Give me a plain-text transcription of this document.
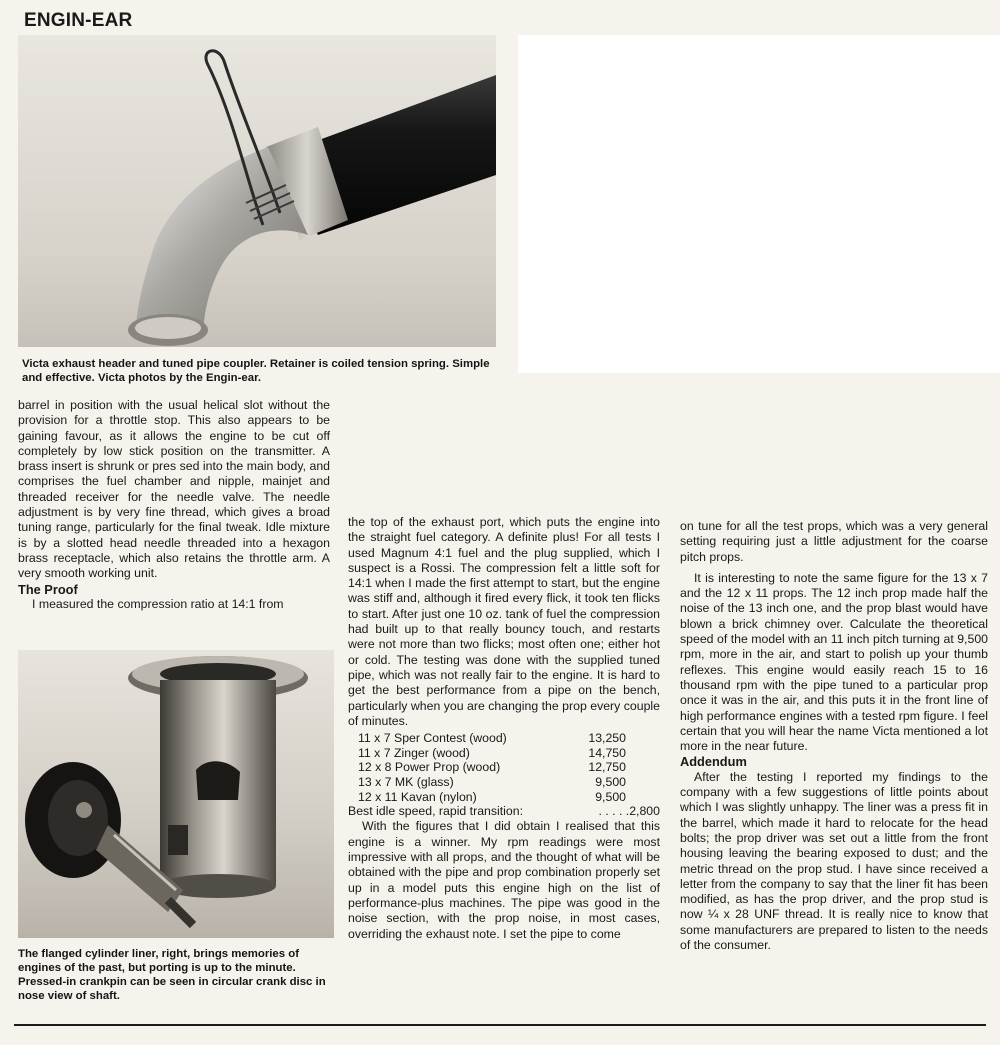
ENGIN-EAR
Victa exhaust header and tuned pipe coupler. Retainer is coiled tension spring. Simple and effective. Victa photos by the Engin-ear.

barrel in position with the usual helical slot without the provision for a throttle stop. This also appears to be gaining favour, as it allows the engine to be cut off completely by low stick position on the transmitter. A brass insert is shrunk or pres sed into the main body, and comprises the fuel chamber and nipple, mainjet and threaded receiver for the needle valve. The needle adjustment is by very fine thread, which gives a broad tuning range, particularly for the final tweak. Idle mixture is by a slotted head needle threaded into a hexagon brass receptacle, which also retains the throttle arm. A very smooth working unit.

The Proof

I measured the compression ratio at 14:1 from

The flanged cylinder liner, right, brings memories of engines of the past, but porting is up to the minute. Pressed-in crankpin can be seen in circular crank disc in nose view of shaft.

the top of the exhaust port, which puts the engine into the straight fuel category. A definite plus! For all tests I used Magnum 4:1 fuel and the plug supplied, which I suspect is a Rossi. The compression felt a little soft for 14:1 when I made the first attempt to start, but the engine was stiff and, although it fired every flick, it took ten flicks to start. After just one 10 oz. tank of fuel the compression had built up to that really bouncy touch, and restarts were not more than two flicks; most often one; either hot or cold. The testing was done with the supplied tuned pipe, which was not really fair to the engine. It is hard to get the best performance from a pipe on the bench, particularly when you are changing the prop every couple of minutes.

11 x 7 Sper Contest (wood)	13,250
11 x 7 Zinger (wood)	14,750
12 x 8 Power Prop (wood)	12,750
13 x 7 MK (glass)	9,500
12 x 11 Kavan (nylon)	9,500
Best idle speed, rapid transition:	. . . . .2,800

With the figures that I did obtain I realised that this engine is a winner. My rpm readings were most impressive with all props, and the thought of what will be obtained with the pipe and prop combination properly set up in a model puts this engine high on the list of performance-plus machines. The pipe was good in the noise section, with the prop noise, in most cases, overriding the exhaust note. I set the pipe to come

on tune for all the test props, which was a very general setting requiring just a little adjustment for the coarse pitch props.

It is interesting to note the same figure for the 13 x 7 and the 12 x 11 props. The 12 inch prop made half the noise of the 13 inch one, and the prop blast would have blown a brick chimney over. Calculate the theoretical speed of the model with an 11 inch pitch turning at 9,500 rpm, more in the air, and start to polish up your thumb reflexes. This engine would easily reach 15 to 16 thousand rpm with the pipe tuned to a particular prop once it was in the air, and this puts it in the front line of high performance engines with a tested rpm figure. I feel certain that you will hear the name Victa mentioned a lot more in the near future.

Addendum

After the testing I reported my findings to the company with a few suggestions of little points about which I was slightly unhappy. The liner was a press fit in the barrel, which made it hard to relocate for the head bolts; the prop driver was set out a little from the front housing leaving the bearing exposed to dust; and the metric thread on the prop stud. I have since received a letter from the company to say that the liner fit has been modified, as has the prop driver, and the prop stud is now ¼ x 28 UNF thread. It is really nice to know that some manufacturers are prepared to listen to the needs of the consumer.
